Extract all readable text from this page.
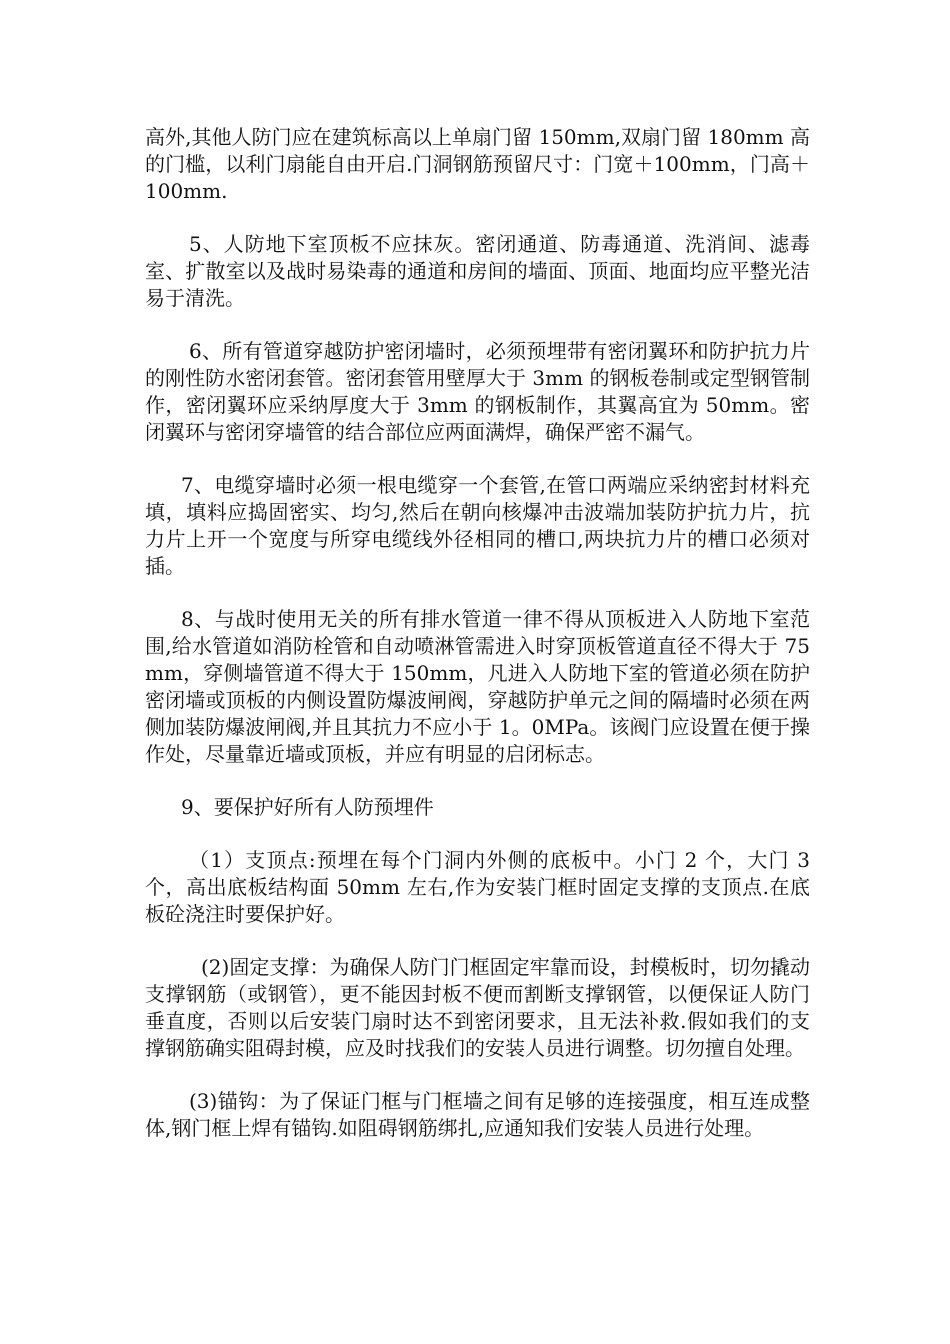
高外,其他人防门应在建筑标高以上单扇门留 150mm,双扇门留 180mm 高的门槛，以利门扇能自由开启.门洞钢筋预留尺寸：门宽＋100mm，门高＋100mm.

5、人防地下室顶板不应抹灰。密闭通道、防毒通道、洗消间、滤毒室、扩散室以及战时易染毒的通道和房间的墙面、顶面、地面均应平整光洁易于清洗。

6、所有管道穿越防护密闭墙时，必须预埋带有密闭翼环和防护抗力片的刚性防水密闭套管。密闭套管用壁厚大于 3mm 的钢板卷制或定型钢管制作，密闭翼环应采纳厚度大于 3mm 的钢板制作，其翼高宜为 50mm。密闭翼环与密闭穿墙管的结合部位应两面满焊，确保严密不漏气。

7、电缆穿墙时必须一根电缆穿一个套管,在管口两端应采纳密封材料充填，填料应捣固密实、均匀,然后在朝向核爆冲击波端加装防护抗力片，抗力片上开一个宽度与所穿电缆线外径相同的槽口,两块抗力片的槽口必须对插。

8、与战时使用无关的所有排水管道一律不得从顶板进入人防地下室范围,给水管道如消防栓管和自动喷淋管需进入时穿顶板管道直径不得大于 75mm，穿侧墙管道不得大于 150mm，凡进入人防地下室的管道必须在防护密闭墙或顶板的内侧设置防爆波闸阀，穿越防护单元之间的隔墙时必须在两侧加装防爆波闸阀,并且其抗力不应小于 1。0MPa。该阀门应设置在便于操作处，尽量靠近墙或顶板，并应有明显的启闭标志。

9、要保护好所有人防预埋件

（1）支顶点:预埋在每个门洞内外侧的底板中。小门 2 个，大门 3 个，高出底板结构面 50mm 左右,作为安装门框时固定支撑的支顶点.在底板砼浇注时要保护好。

(2)固定支撑：为确保人防门门框固定牢靠而设，封模板时，切勿撬动支撑钢筋（或钢管），更不能因封板不便而割断支撑钢管，以便保证人防门垂直度，否则以后安装门扇时达不到密闭要求，且无法补救.假如我们的支撑钢筋确实阻碍封模，应及时找我们的安装人员进行调整。切勿擅自处理。

(3)锚钩：为了保证门框与门框墙之间有足够的连接强度，相互连成整体,钢门框上焊有锚钩.如阻碍钢筋绑扎,应通知我们安装人员进行处理。
